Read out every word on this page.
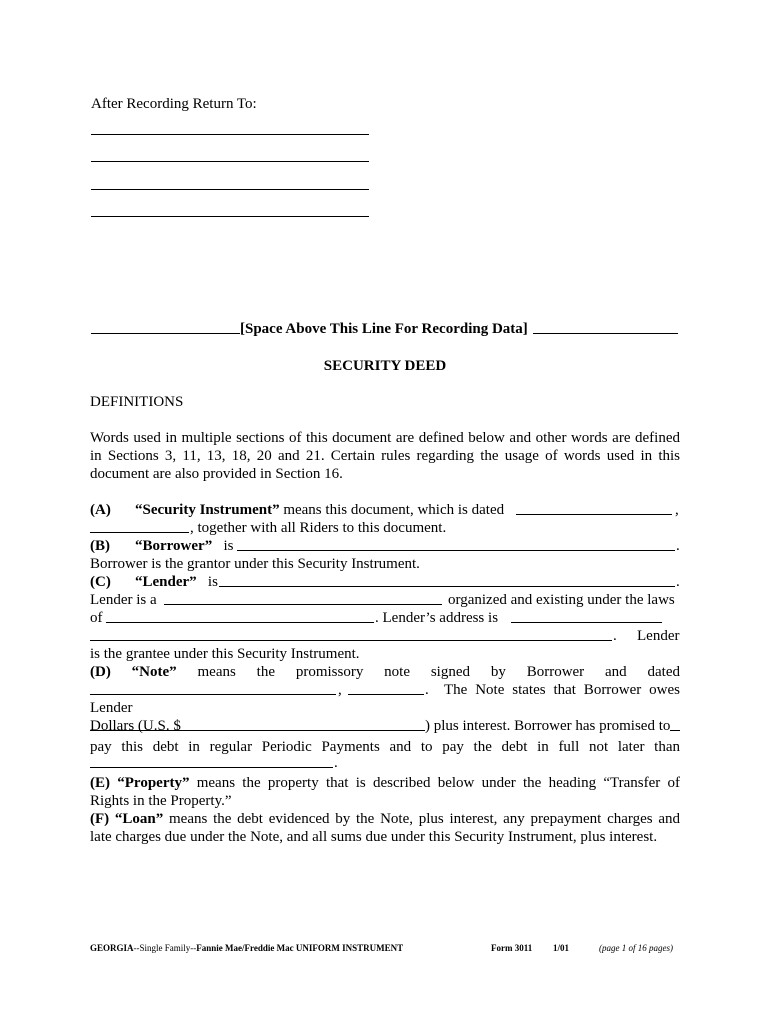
After Recording Return To:
[Space Above This Line For Recording Data]
SECURITY DEED
DEFINITIONS
Words used in multiple sections of this document are defined below and other words are defined
in Sections 3, 11, 13, 18, 20 and 21. Certain rules regarding the usage of words used in this
document are also provided in Section 16.
(A) “Security Instrument” means this document, which is dated	,
, together with all Riders to this document.
(B) “Borrower” is	.
Borrower is the grantor under this Security Instrument.
(C) “Lender” is	.
Lender is a	organized and existing under the laws
of	. Lender’s address is
. Lender
is the grantee under this Security Instrument.
(D) “Note” means the promissory note signed by Borrower and dated
,	. The Note states that Borrower owes
Lender
Dollars (U.S. $	) plus interest. Borrower has promised to
pay this debt in regular Periodic Payments and to pay the debt in full not later than
.
(E) “Property” means the property that is described below under the heading “Transfer of
Rights in the Property.”
(F) “Loan” means the debt evidenced by the Note, plus interest, any prepayment charges and
late charges due under the Note, and all sums due under this Security Instrument, plus interest.
GEORGIA--Single Family--Fannie Mae/Freddie Mac UNIFORM INSTRUMENT	Form 3011 1/01	(page 1 of 16 pages)
